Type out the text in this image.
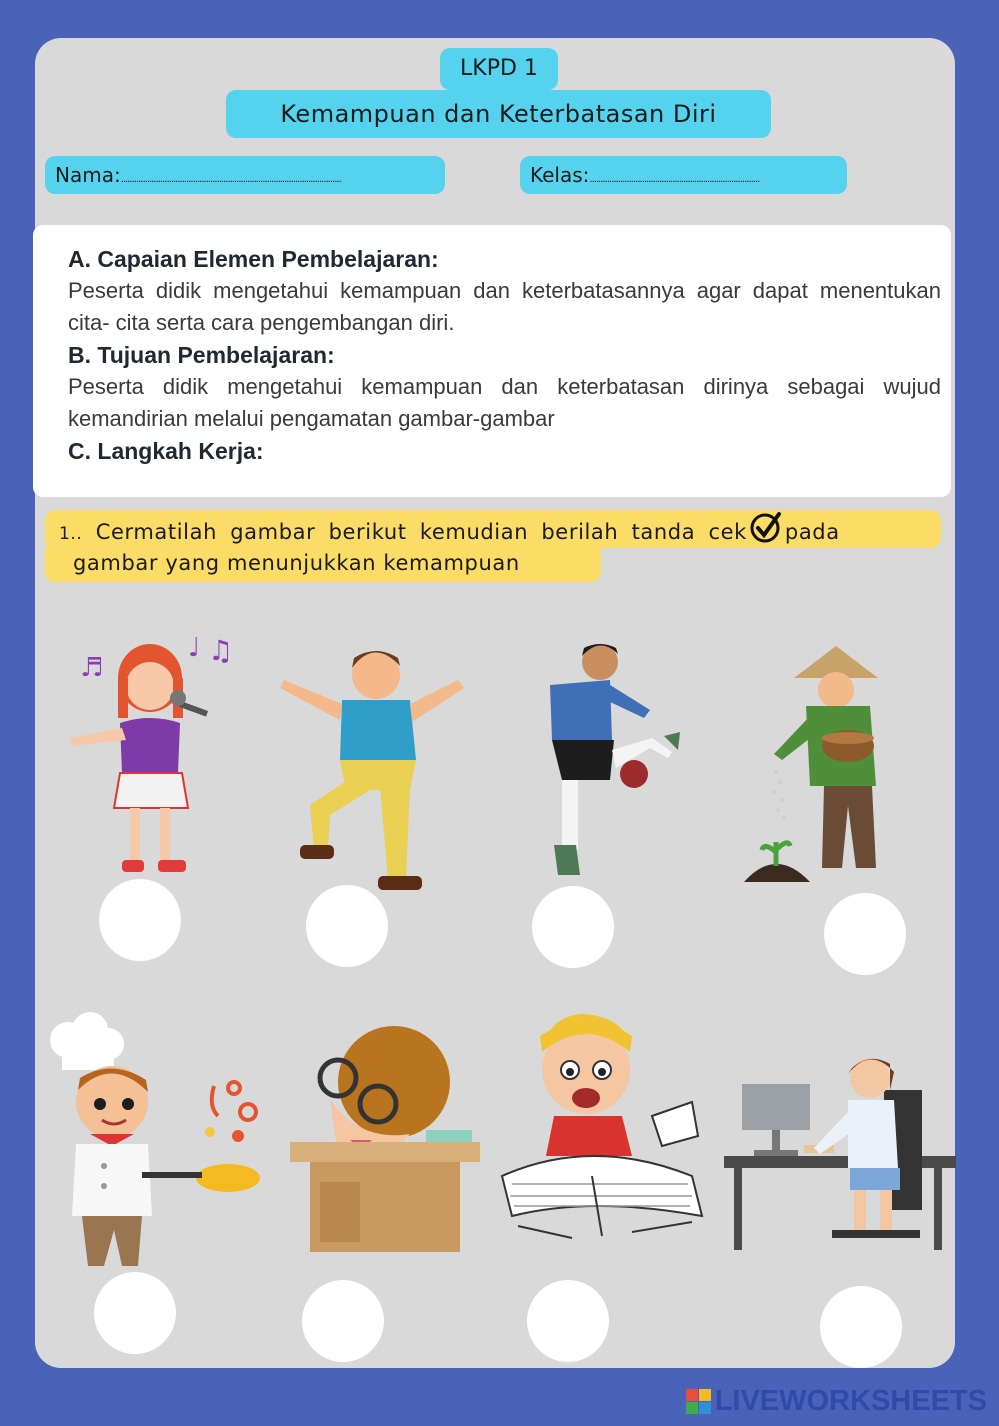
LKPD 1
Kemampuan dan Keterbatasan Diri
Nama:.....................................................................................................	Kelas:..............................................................................
A. Capaian Elemen Pembelajaran:

Peserta didik mengetahui kemampuan dan keterbatasannya agar dapat menentukan cita- cita serta cara pengembangan diri.

B. Tujuan Pembelajaran:

Peserta didik mengetahui kemampuan dan keterbatasan dirinya sebagai wujud kemandirian melalui pengamatan gambar-gambar

C. Langkah Kerja:
1.. Cermatilah gambar berikut kemudian berilah tanda cek pada
gambar yang menunjukkan kemampuan
♬
♩ ♫
LIVEWORKSHEETS
